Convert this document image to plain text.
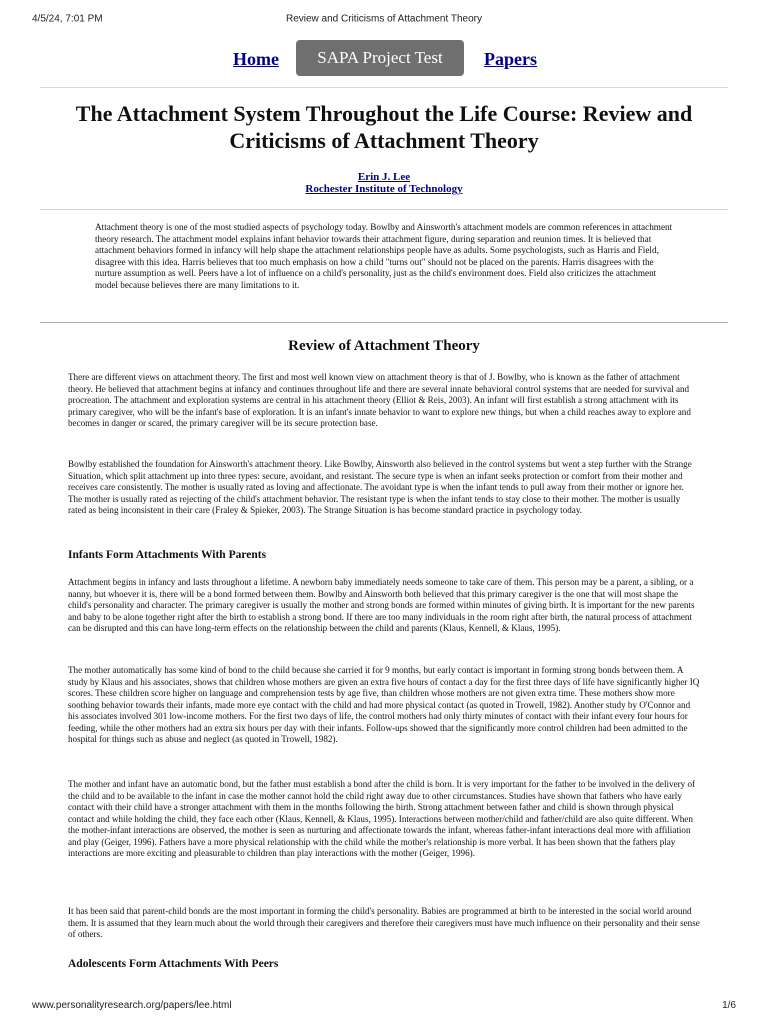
4/5/24, 7:01 PM	Review and Criticisms of Attachment Theory
Home	SAPA Project Test	Papers
The Attachment System Throughout the Life Course: Review and Criticisms of Attachment Theory
Erin J. Lee
Rochester Institute of Technology

Attachment theory is one of the most studied aspects of psychology today. Bowlby and Ainsworth's attachment models are common references in attachment theory research. The attachment model explains infant behavior towards their attachment figure, during separation and reunion times. It is believed that attachment behaviors formed in infancy will help shape the attachment relationships people have as adults. Some psychologists, such as Harris and Field, disagree with this idea. Harris believes that too much emphasis on how a child "turns out" should not be placed on the parents. Harris disagrees with the nurture assumption as well. Peers have a lot of influence on a child's personality, just as the child's environment does. Field also criticizes the attachment model because believes there are many limitations to it.

Review of Attachment Theory

There are different views on attachment theory. The first and most well known view on attachment theory is that of J. Bowlby, who is known as the father of attachment theory. He believed that attachment begins at infancy and continues throughout life and there are several innate behavioral control systems that are needed for survival and procreation. The attachment and exploration systems are central in his attachment theory (Elliot & Reis, 2003). An infant will first establish a strong attachment with its primary caregiver, who will be the infant's base of exploration. It is an infant's innate behavior to want to explore new things, but when a child reaches away to explore and becomes in danger or scared, the primary caregiver will be its secure protection base.

Bowlby established the foundation for Ainsworth's attachment theory. Like Bowlby, Ainsworth also believed in the control systems but went a step further with the Strange Situation, which split attachment up into three types: secure, avoidant, and resistant. The secure type is when an infant seeks protection or comfort from their mother and receives care consistently. The mother is usually rated as loving and affectionate. The avoidant type is when the infant tends to pull away from their mother or ignore her. The mother is usually rated as rejecting of the child's attachment behavior. The resistant type is when the infant tends to stay close to their mother. The mother is usually rated as being inconsistent in their care (Fraley & Spieker, 2003). The Strange Situation is has become standard practice in psychology today.

Infants Form Attachments With Parents

Attachment begins in infancy and lasts throughout a lifetime. A newborn baby immediately needs someone to take care of them. This person may be a parent, a sibling, or a nanny, but whoever it is, there will be a bond formed between them. Bowlby and Ainsworth both believed that this primary caregiver is the one that will most shape the child's personality and character. The primary caregiver is usually the mother and strong bonds are formed within minutes of giving birth. It is important for the new parents and baby to be alone together right after the birth to establish a strong bond. If there are too many individuals in the room right after birth, the natural process of attachment can be disrupted and this can have long-term effects on the relationship between the child and parents (Klaus, Kennell, & Klaus, 1995).

The mother automatically has some kind of bond to the child because she carried it for 9 months, but early contact is important in forming strong bonds between them. A study by Klaus and his associates, shows that children whose mothers are given an extra five hours of contact a day for the first three days of life have significantly higher IQ scores. These children score higher on language and comprehension tests by age five, than children whose mothers are not given extra time. These mothers show more soothing behavior towards their infants, made more eye contact with the child and had more physical contact (as quoted in Trowell, 1982). Another study by O'Connor and his associates involved 301 low-income mothers. For the first two days of life, the control mothers had only thirty minutes of contact with their infant every four hours for feeding, while the other mothers had an extra six hours per day with their infants. Follow-ups showed that the significantly more control children had been admitted to the hospital for things such as abuse and neglect (as quoted in Trowell, 1982).

The mother and infant have an automatic bond, but the father must establish a bond after the child is born. It is very important for the father to be involved in the delivery of the child and to be available to the infant in case the mother cannot hold the child right away due to other circumstances. Studies have shown that fathers who have early contact with their child have a stronger attachment with them in the months following the birth. Strong attachment between father and child is shown through physical contact and while holding the child, they face each other (Klaus, Kennell, & Klaus, 1995). Interactions between mother/child and father/child are also quite different. When the mother-infant interactions are observed, the mother is seen as nurturing and affectionate towards the infant, whereas father-infant interactions deal more with affiliation and play (Geiger, 1996). Fathers have a more physical relationship with the child while the mother's relationship is more verbal. It has been shown that the fathers play interactions are more exciting and pleasurable to children than play interactions with the mother (Geiger, 1996).

It has been said that parent-child bonds are the most important in forming the child's personality. Babies are programmed at birth to be interested in the social world around them. It is assumed that they learn much about the world through their caregivers and therefore their caregivers must have much influence on their personality and their sense of others.

Adolescents Form Attachments With Peers
www.personalityresearch.org/papers/lee.html	1/6
